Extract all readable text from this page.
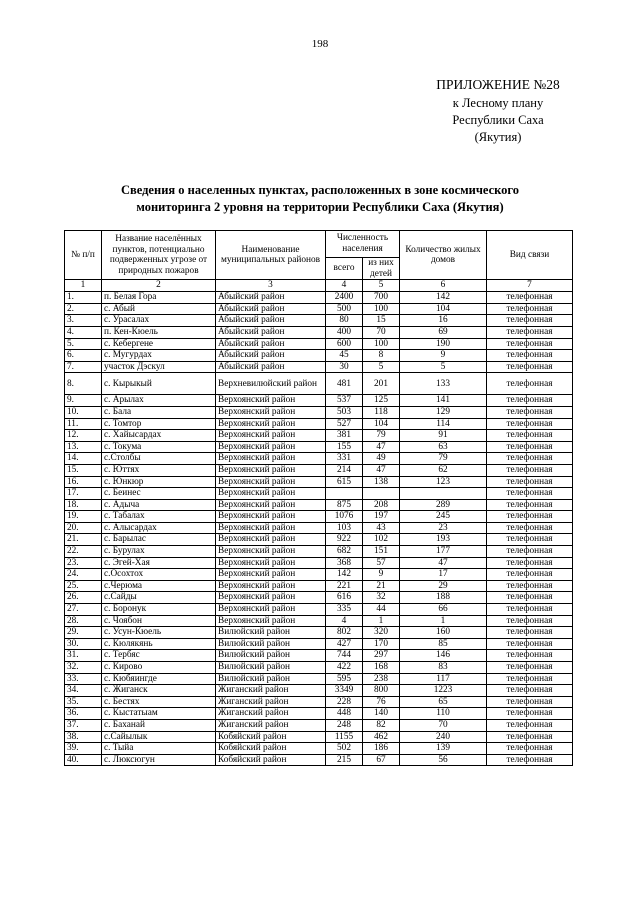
198
ПРИЛОЖЕНИЕ №28
к Лесному плану
Республики Саха
(Якутия)
Сведения о населенных пунктах, расположенных в зоне космического
мониторинга 2 уровня на территории Республики Саха (Якутия)
№ п/п	Название населённых пунктов, потенциально подверженных угрозе от природных пожаров	Наименование муниципальных районов	Численность населения		Количество жилых домов	Вид связи
			всего	из них детей		
1	2	3	4	5	6	7
1.	п. Белая Гора	Абыйский район	2400	700	142	телефонная
2.	с. Абый	Абыйский район	500	100	104	телефонная
3.	с. Урасалах	Абыйский район	80	15	16	телефонная
4.	п. Кен-Кюель	Абыйский район	400	70	69	телефонная
5.	с. Кебергене	Абыйский район	600	100	190	телефонная
6.	с. Мугурдах	Абыйский район	45	8	9	телефонная
7.	участок Дэскул	Абыйский район	30	5	5	телефонная
8.	с. Кырыкый	Верхневилюйский район	481	201	133	телефонная
9.	с. Арылах	Верхоянский район	537	125	141	телефонная
10.	с. Бала	Верхоянский район	503	118	129	телефонная
11.	с. Томтор	Верхоянский район	527	104	114	телефонная
12.	с. Хайысардах	Верхоянский район	381	79	91	телефонная
13.	с. Токума	Верхоянский район	155	47	63	телефонная
14.	с.Столбы	Верхоянский район	331	49	79	телефонная
15.	с. Юттях	Верхоянский район	214	47	62	телефонная
16.	с. Юнкюр	Верхоянский район	615	138	123	телефонная
17.	с. Беинес	Верхоянский район				телефонная
18.	с. Адыча	Верхоянский район	875	208	289	телефонная
19.	с. Табалах	Верхоянский район	1076	197	245	телефонная
20.	с. Алысардах	Верхоянский район	103	43	23	телефонная
21.	с. Барылас	Верхоянский район	922	102	193	телефонная
22.	с. Бурулах	Верхоянский район	682	151	177	телефонная
23.	с. Эгей-Хая	Верхоянский район	368	57	47	телефонная
24.	с.Осохтох	Верхоянский район	142	9	17	телефонная
25.	с.Черюма	Верхоянский район	221	21	29	телефонная
26.	с.Сайды	Верхоянский район	616	32	188	телефонная
27.	с. Боронук	Верхоянский район	335	44	66	телефонная
28.	с. Чоябон	Верхоянский район	4	1	1	телефонная
29.	с. Усун-Кюель	Вилюйский район	802	320	160	телефонная
30.	с. Кюлякянь	Вилюйский район	427	170	85	телефонная
31.	с. Тербяс	Вилюйский район	744	297	146	телефонная
32.	с. Кирово	Вилюйский район	422	168	83	телефонная
33.	с. Кюбяингде	Вилюйский район	595	238	117	телефонная
34.	с. Жиганск	Жиганский район	3349	800	1223	телефонная
35.	с. Бестях	Жиганский район	228	76	65	телефонная
36.	с. Кыстатыам	Жиганский район	448	140	110	телефонная
37.	с. Баханай	Жиганский район	248	82	70	телефонная
38.	с.Сайылык	Кобяйский район	1155	462	240	телефонная
39.	с. Тыйа	Кобяйский район	502	186	139	телефонная
40.	с. Люксюгун	Кобяйский район	215	67	56	телефонная
